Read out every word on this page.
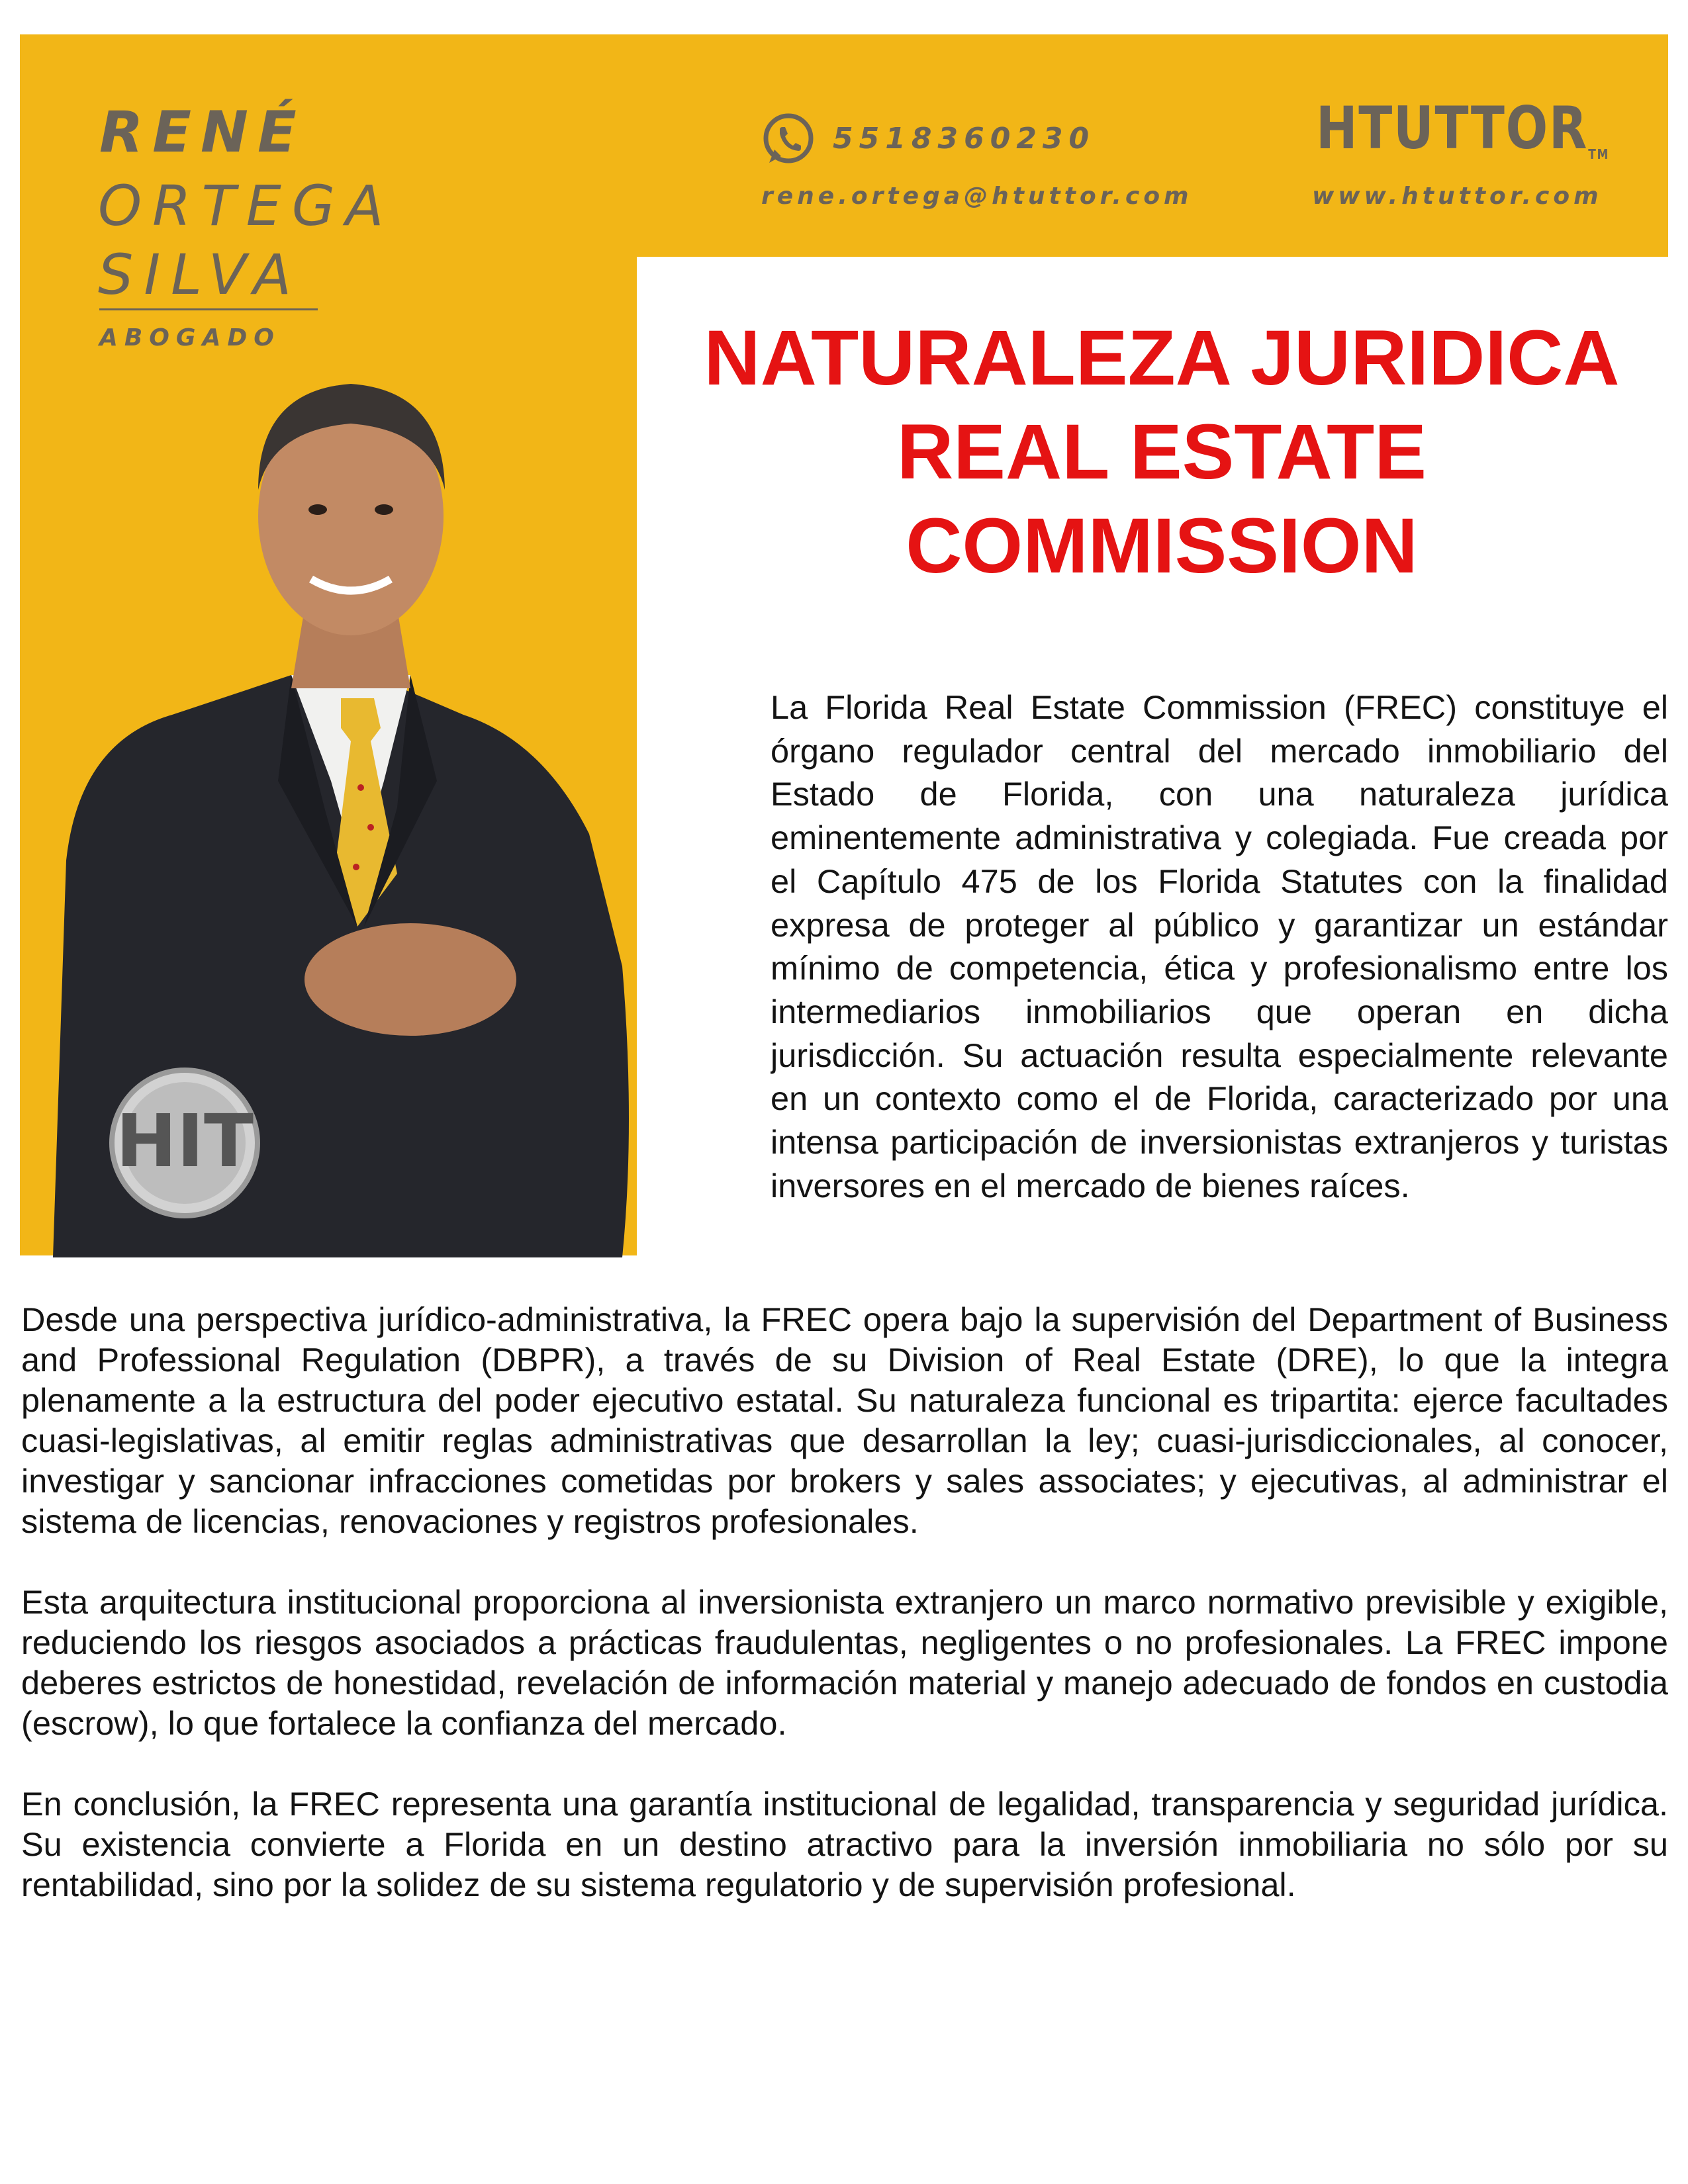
HIT
RENÉ
ORTEGA
SILVA
ABOGADO
5518360230
rene.ortega@htuttor.com
HTUTTORTM
www.htuttor.com
NATURALEZA JURIDICA
REAL ESTATE
COMMISSION
La Florida Real Estate Commission (FREC) constituye el órgano regulador central del mercado inmobiliario del Estado de Florida, con una naturaleza jurídica eminentemente administrativa y colegiada. Fue creada por el Capítulo 475 de los Florida Statutes con la finalidad expresa de proteger al público y garantizar un estándar mínimo de competencia, ética y profesionalismo entre los intermediarios inmobiliarios que operan en dicha jurisdicción. Su actuación resulta especialmente relevante en un contexto como el de Florida, caracterizado por una intensa participación de inversionistas extranjeros y turistas inversores en el mercado de bienes raíces.

Desde una perspectiva jurídico-administrativa, la FREC opera bajo la supervisión del Department of Business and Professional Regulation (DBPR), a través de su Division of Real Estate (DRE), lo que la integra plenamente a la estructura del poder ejecutivo estatal. Su naturaleza funcional es tripartita: ejerce facultades cuasi-legislativas, al emitir reglas administrativas que desarrollan la ley; cuasi-jurisdiccionales, al conocer, investigar y sancionar infracciones cometidas por brokers y sales associates; y ejecutivas, al administrar el sistema de licencias, renovaciones y registros profesionales.

Esta arquitectura institucional proporciona al inversionista extranjero un marco normativo previsible y exigible, reduciendo los riesgos asociados a prácticas fraudulentas, negligentes o no profesionales. La FREC impone deberes estrictos de honestidad, revelación de información material y manejo adecuado de fondos en custodia (escrow), lo que fortalece la confianza del mercado.

En conclusión, la FREC representa una garantía institucional de legalidad, transparencia y seguridad jurídica. Su existencia convierte a Florida en un destino atractivo para la inversión inmobiliaria no sólo por su rentabilidad, sino por la solidez de su sistema regulatorio y de supervisión profesional.
